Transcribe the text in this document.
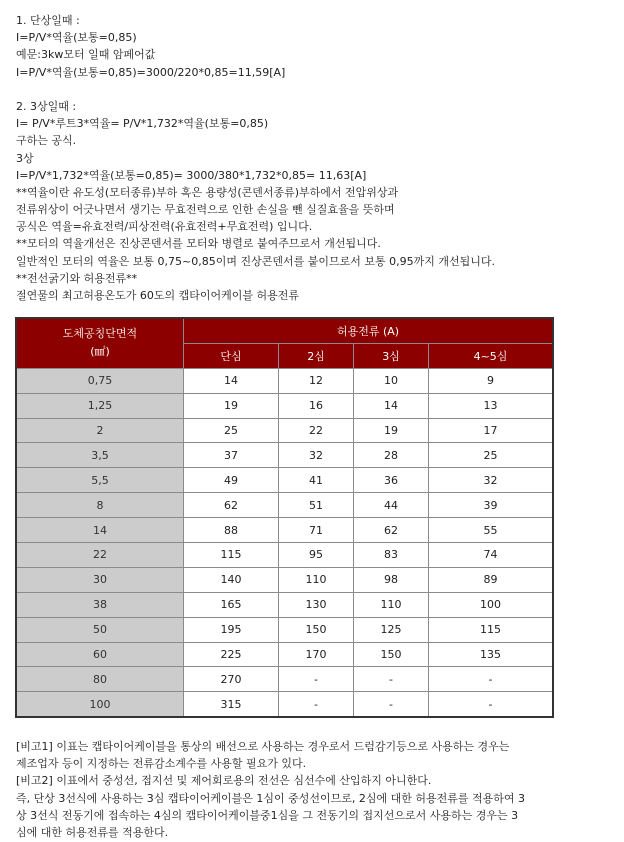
1. 단상일때 :
I=P/V*역율(보통=0,85)
예문:3kw모터 일때 암페어값
I=P/V*역율(보통=0,85)=3000/220*0,85=11,59[A]
2. 3상일때 :
I= P/V*루트3*역율= P/V*1,732*역율(보통=0,85)
구하는 공식.
3상
I=P/V*1,732*역율(보통=0,85)= 3000/380*1,732*0,85= 11,63[A]
**역율이란 유도성(모터종류)부하 혹은 용량성(콘덴서종류)부하에서 전압위상과
전류위상이 어긋나면서 생기는 무효전력으로 인한 손실을 뺀 실질효율을 뜻하며
공식은 역율=유효전력/피상전력(유효전력+무효전력) 입니다.
**모터의 역율개선은 진상콘덴서를 모터와 병렬로 붙여주므로서 개선됩니다.
일반적인 모터의 역율은 보통 0,75~0,85이며 진상콘덴서를 붙이므로서 보통 0,95까지 개선됩니다.
**전선굵기와 허용전류**
절연물의 최고허용온도가 60도의 캡타이어케이블 허용전류
도체공칭단면적
(㎟)	허용전류 (A)			
	단심	2심	3심	4~5심
0,75	14	12	10	9
1,25	19	16	14	13
2	25	22	19	17
3,5	37	32	28	25
5,5	49	41	36	32
8	62	51	44	39
14	88	71	62	55
22	115	95	83	74
30	140	110	98	89
38	165	130	110	100
50	195	150	125	115
60	225	170	150	135
80	270	-	-	-
100	315	-	-	-
[비고1] 이표는 캡타이어케이블을 통상의 배선으로 사용하는 경우로서 드럼감기등으로 사용하는 경우는
제조업자 등이 지정하는 전류감소계수를 사용할 필요가 있다.
[비고2] 이표에서 중성선, 접지선 및 제어회로용의 전선은 심선수에 산입하지 아니한다.
즉, 단상 3선식에 사용하는 3심 캡타이어케이블은 1심이 중성선이므로, 2심에 대한 허용전류를 적용하여 3
상 3선식 전동기에 접속하는 4심의 캡타이어케이블중1심을 그 전동기의 접지선으로서 사용하는 경우는 3
심에 대한 허용전류를 적용한다.
